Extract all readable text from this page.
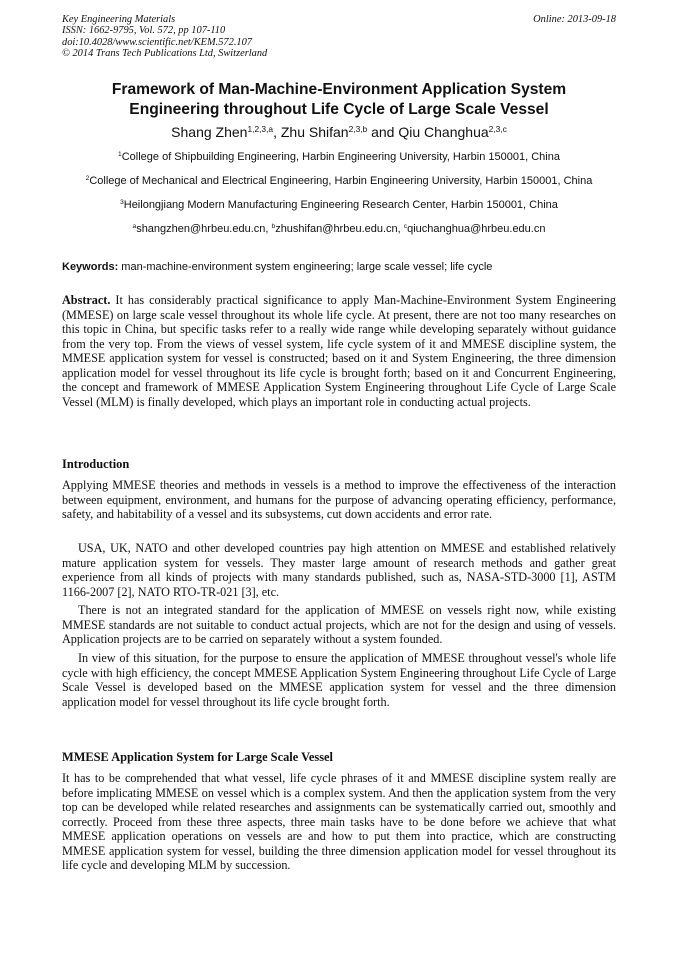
Key Engineering Materials
ISSN: 1662-9795, Vol. 572, pp 107-110
doi:10.4028/www.scientific.net/KEM.572.107
© 2014 Trans Tech Publications Ltd, Switzerland
Online: 2013-09-18
Framework of Man-Machine-Environment Application System
Engineering throughout Life Cycle of Large Scale Vessel
Shang Zhen$^{1,2,3,a}$, Zhu Shifan$^{2,3,b}$ and Qiu Changhua$^{2,3,c}$
$^1$College of Shipbuilding Engineering, Harbin Engineering University, Harbin 150001, China
$^2$College of Mechanical and Electrical Engineering, Harbin Engineering University, Harbin 150001, China
$^3$Heilongjiang Modern Manufacturing Engineering Research Center, Harbin 150001, China
$^a$shangzhen@hrbeu.edu.cn, $^b$zhushifan@hrbeu.edu.cn, $^c$qiuchanghua@hrbeu.edu.cn
Keywords: man-machine-environment system engineering; large scale vessel; life cycle
Abstract. It has considerably practical significance to apply Man-Machine-Environment System Engineering (MMESE) on large scale vessel throughout its whole life cycle. At present, there are not too many researches on this topic in China, but specific tasks refer to a really wide range while developing separately without guidance from the very top. From the views of vessel system, life cycle system of it and MMESE discipline system, the MMESE application system for vessel is constructed; based on it and System Engineering, the three dimension application model for vessel throughout its life cycle is brought forth; based on it and Concurrent Engineering, the concept and framework of MMESE Application System Engineering throughout Life Cycle of Large Scale Vessel (MLM) is finally developed, which plays an important role in conducting actual projects.
Introduction
Applying MMESE theories and methods in vessels is a method to improve the effectiveness of the interaction between equipment, environment, and humans for the purpose of advancing operating efficiency, performance, safety, and habitability of a vessel and its subsystems, cut down accidents and error rate.
USA, UK, NATO and other developed countries pay high attention on MMESE and established relatively mature application system for vessels. They master large amount of research methods and gather great experience from all kinds of projects with many standards published, such as, NASA-STD-3000 [1], ASTM 1166-2007 [2], NATO RTO-TR-021 [3], etc.
There is not an integrated standard for the application of MMESE on vessels right now, while existing MMESE standards are not suitable to conduct actual projects, which are not for the design and using of vessels. Application projects are to be carried on separately without a system founded.
In view of this situation, for the purpose to ensure the application of MMESE throughout vessel's whole life cycle with high efficiency, the concept MMESE Application System Engineering throughout Life Cycle of Large Scale Vessel is developed based on the MMESE application system for vessel and the three dimension application model for vessel throughout its life cycle brought forth.
MMESE Application System for Large Scale Vessel
It has to be comprehended that what vessel, life cycle phrases of it and MMESE discipline system really are before implicating MMESE on vessel which is a complex system. And then the application system from the very top can be developed while related researches and assignments can be systematically carried out, smoothly and correctly. Proceed from these three aspects, three main tasks have to be done before we achieve that what MMESE application operations on vessels are and how to put them into practice, which are constructing MMESE application system for vessel, building the three dimension application model for vessel throughout its life cycle and developing MLM by succession.
